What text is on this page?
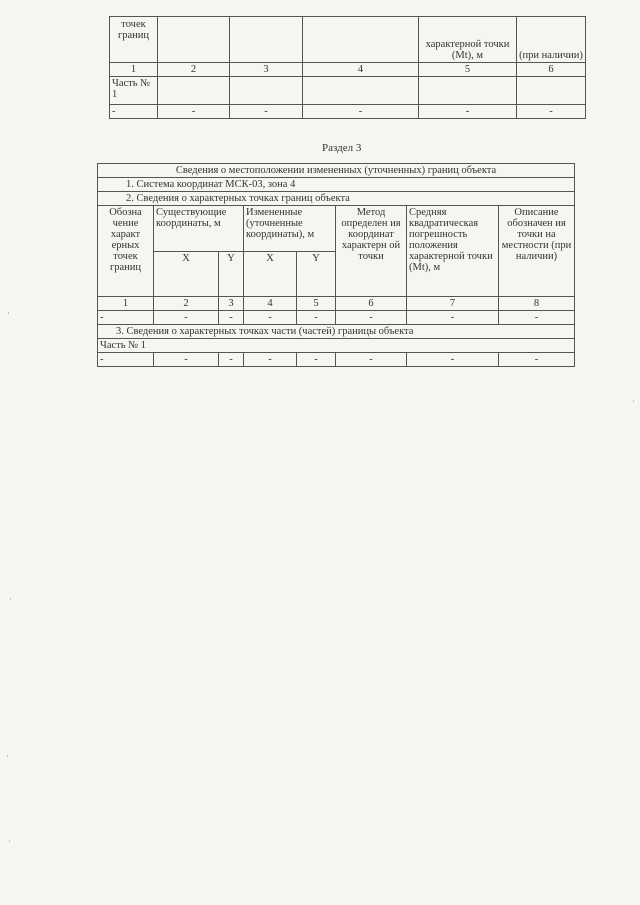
точек границ				характерной точки (Mt), м	(при наличии)
1	2	3	4	5	6
Часть № 1					
-	-	-	-	-	-
Раздел 3
Сведения о местоположении измененных (уточненных) границ объекта							
1. Система координат МСК-03, зона 4							
2. Сведения о характерных точках границ объекта							
Обозна чение характ ерных точек границ	Существующие координаты, м		Измененные (уточненные координаты), м		Метод определен ия координат характерн ой точки	Средняя квадратическая погрешность положения характерной точки (Mt), м	Описание обозначен ия точки на местности (при наличии)
	X	Y	X	Y			
1	2	3	4	5	6	7	8
-	-	-	-	-	-	-	-
3. Сведения о характерных точках части (частей) границы объекта							
Часть № 1							
-	-	-	-	-	-	-	-
